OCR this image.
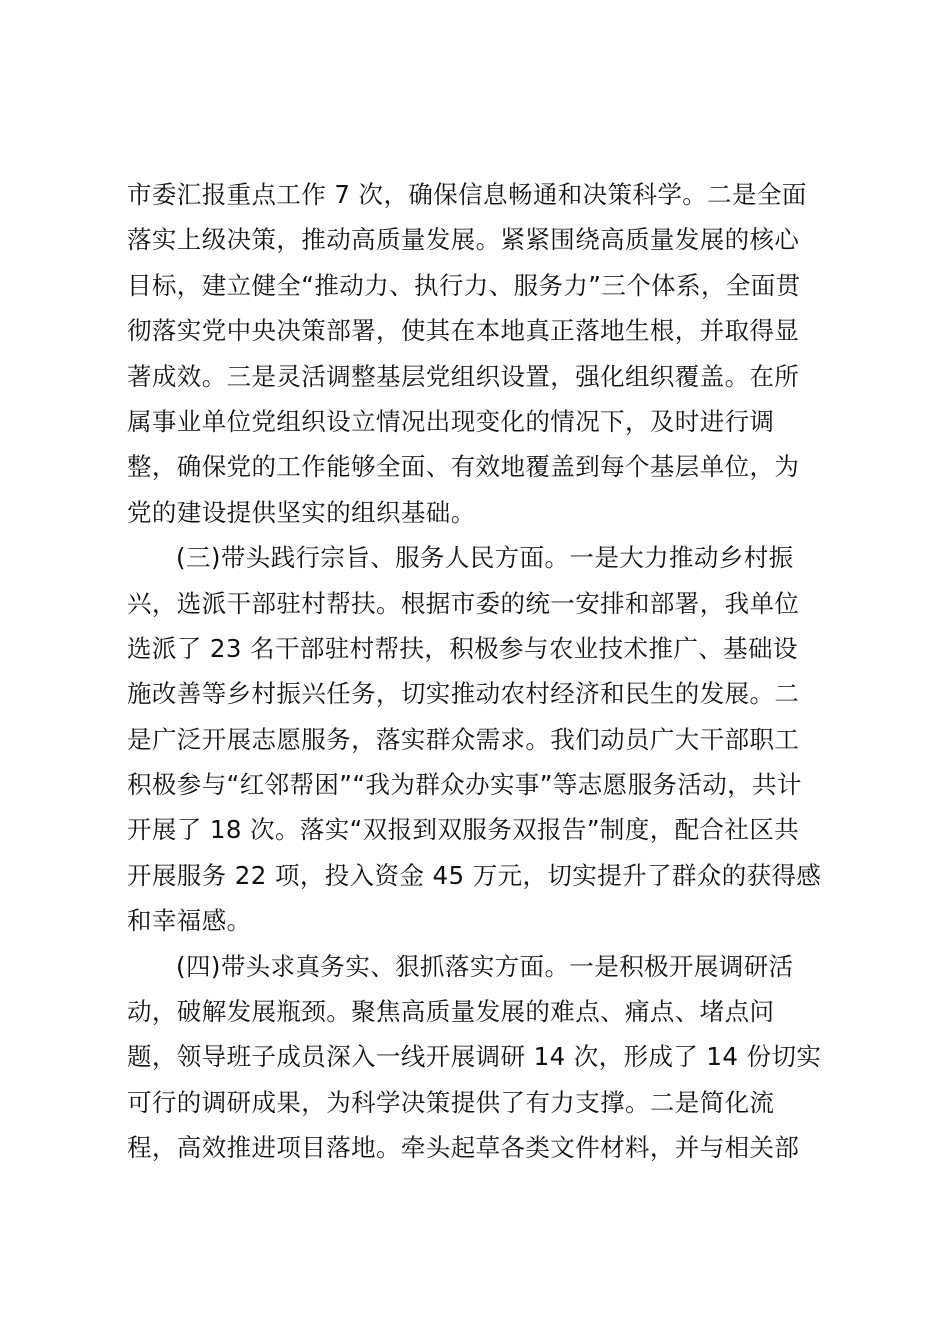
市委汇报重点工作 7 次，确保信息畅通和决策科学。二是全面
落实上级决策，推动高质量发展。紧紧围绕高质量发展的核心
目标，建立健全“推动力、执行力、服务力”三个体系，全面贯
彻落实党中央决策部署，使其在本地真正落地生根，并取得显
著成效。三是灵活调整基层党组织设置，强化组织覆盖。在所
属事业单位党组织设立情况出现变化的情况下，及时进行调
整，确保党的工作能够全面、有效地覆盖到每个基层单位，为
党的建设提供坚实的组织基础。
(三)带头践行宗旨、服务人民方面。一是大力推动乡村振
兴，选派干部驻村帮扶。根据市委的统一安排和部署，我单位
选派了 23 名干部驻村帮扶，积极参与农业技术推广、基础设
施改善等乡村振兴任务，切实推动农村经济和民生的发展。二
是广泛开展志愿服务，落实群众需求。我们动员广大干部职工
积极参与“红邻帮困”“我为群众办实事”等志愿服务活动，共计
开展了 18 次。落实“双报到双服务双报告”制度，配合社区共
开展服务 22 项，投入资金 45 万元，切实提升了群众的获得感
和幸福感。
(四)带头求真务实、狠抓落实方面。一是积极开展调研活
动，破解发展瓶颈。聚焦高质量发展的难点、痛点、堵点问
题，领导班子成员深入一线开展调研 14 次，形成了 14 份切实
可行的调研成果，为科学决策提供了有力支撑。二是简化流
程，高效推进项目落地。牵头起草各类文件材料，并与相关部
